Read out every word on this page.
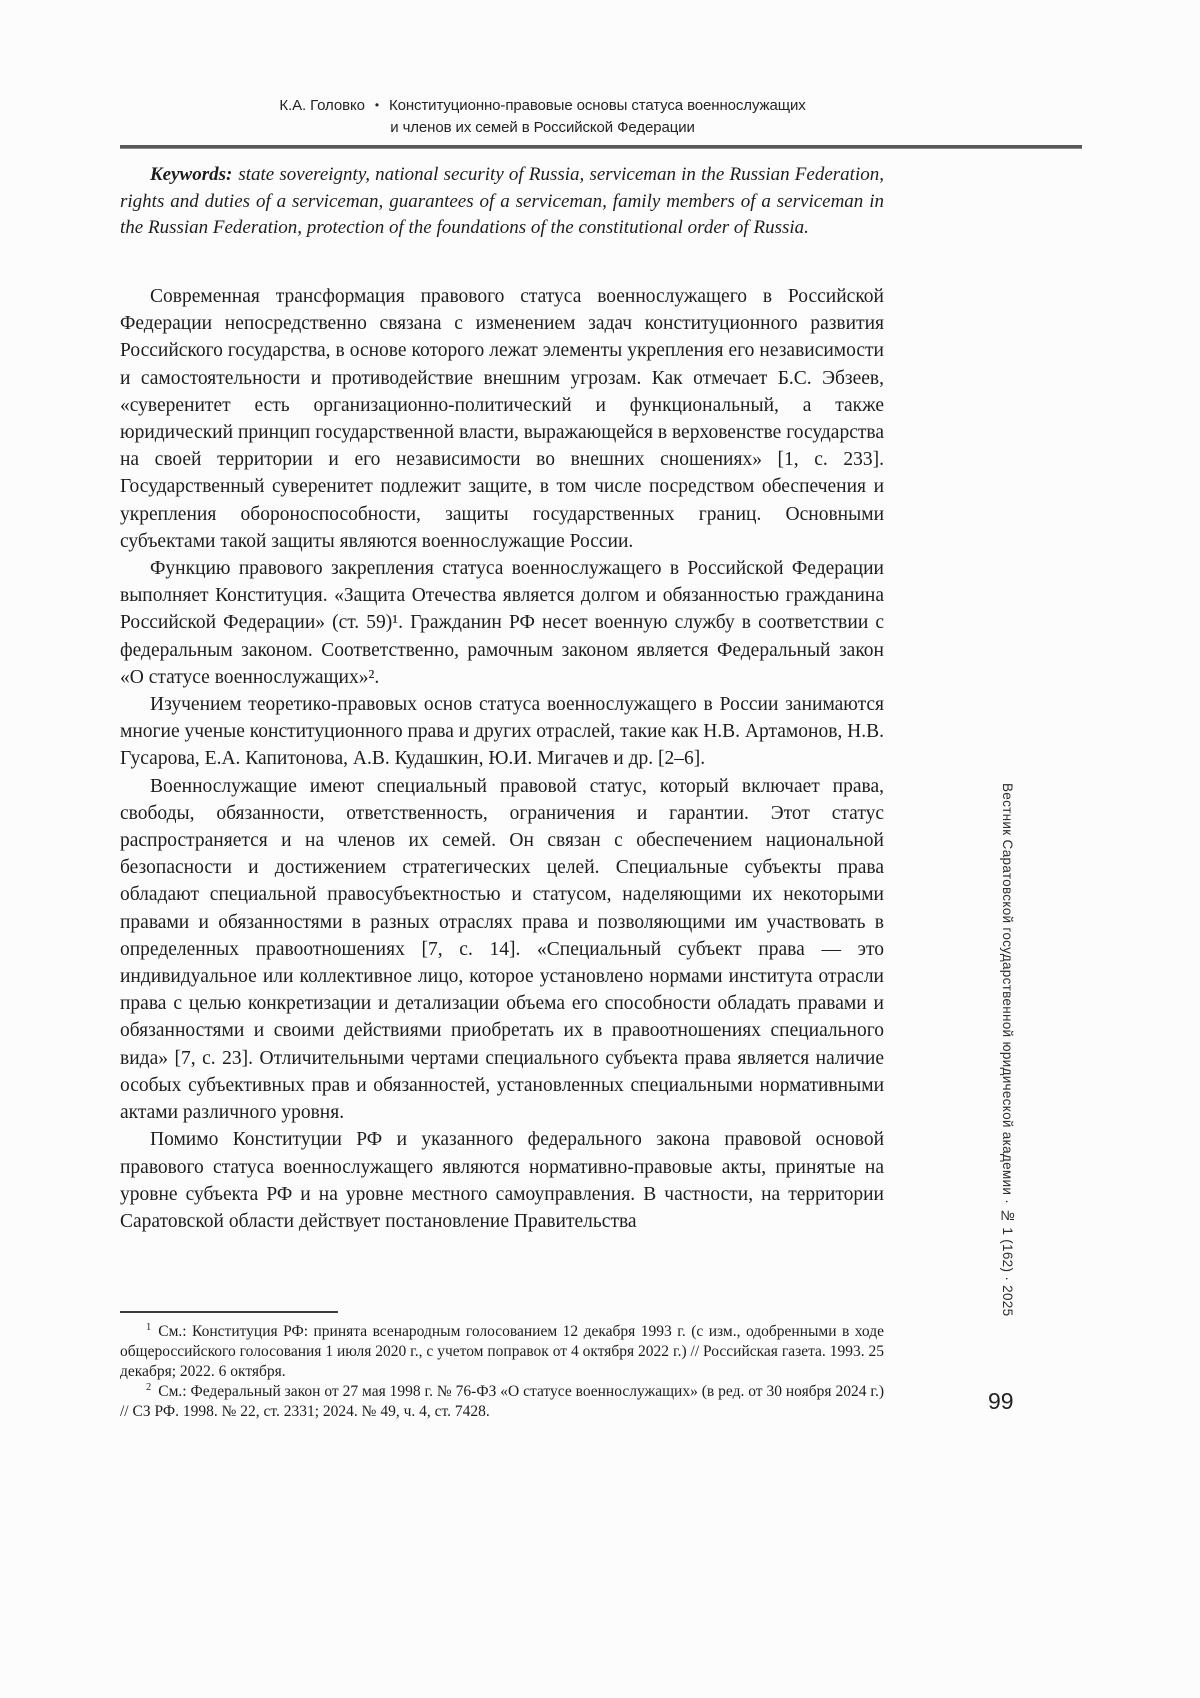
К.А. Головко • Конституционно-правовые основы статуса военнослужащих
и членов их семей в Российской Федерации

Keywords: state sovereignty, national security of Russia, serviceman in the Russian Federation, rights and duties of a serviceman, guarantees of a serviceman, family members of a serviceman in the Russian Federation, protection of the foundations of the constitutional order of Russia.

Современная трансформация правового статуса военнослужащего в Российской Федерации непосредственно связана с изменением задач конституционного развития Российского государства, в основе которого лежат элементы укрепления его независимости и самостоятельности и противодействие внешним угрозам. Как отмечает Б.С. Эбзеев, «суверенитет есть организационно-политический и функциональный, а также юридический принцип государственной власти, выражающейся в верховенстве государства на своей территории и его независимости во внешних сношениях» [1, с. 233]. Государственный суверенитет подлежит защите, в том числе посредством обеспечения и укрепления обороноспособности, защиты государственных границ. Основными субъектами такой защиты являются военнослужащие России.

Функцию правового закрепления статуса военнослужащего в Российской Федерации выполняет Конституция. «Защита Отечества является долгом и обязанностью гражданина Российской Федерации» (ст. 59)¹. Гражданин РФ несет военную службу в соответствии с федеральным законом. Соответственно, рамочным законом является Федеральный закон «О статусе военнослужащих»².

Изучением теоретико-правовых основ статуса военнослужащего в России занимаются многие ученые конституционного права и других отраслей, такие как Н.В. Артамонов, Н.В. Гусарова, Е.А. Капитонова, А.В. Кудашкин, Ю.И. Мигачев и др. [2–6].

Военнослужащие имеют специальный правовой статус, который включает права, свободы, обязанности, ответственность, ограничения и гарантии. Этот статус распространяется и на членов их семей. Он связан с обеспечением национальной безопасности и достижением стратегических целей. Специальные субъекты права обладают специальной правосубъектностью и статусом, наделяющими их некоторыми правами и обязанностями в разных отраслях права и позволяющими им участвовать в определенных правоотношениях [7, с. 14]. «Специальный субъект права — это индивидуальное или коллективное лицо, которое установлено нормами института отрасли права с целью конкретизации и детализации объема его способности обладать правами и обязанностями и своими действиями приобретать их в правоотношениях специального вида» [7, с. 23]. Отличительными чертами специального субъекта права является наличие особых субъективных прав и обязанностей, установленных специальными нормативными актами различного уровня.

Помимо Конституции РФ и указанного федерального закона правовой основой правового статуса военнослужащего являются нормативно-правовые акты, принятые на уровне субъекта РФ и на уровне местного самоуправления. В частности, на территории Саратовской области действует постановление Правительства

$^1$ См.: Конституция РФ: принята всенародным голосованием 12 декабря 1993 г. (с изм., одобренными в ходе общероссийского голосования 1 июля 2020 г., с учетом поправок от 4 октября 2022 г.) // Российская газета. 1993. 25 декабря; 2022. 6 октября.

$^2$ См.: Федеральный закон от 27 мая 1998 г. № 76-ФЗ «О статусе военнослужащих» (в ред. от 30 ноября 2024 г.) // СЗ РФ. 1998. № 22, ст. 2331; 2024. № 49, ч. 4, ст. 7428.

Вестник Саратовской государственной юридической академии · № 1 (162) · 2025
99
